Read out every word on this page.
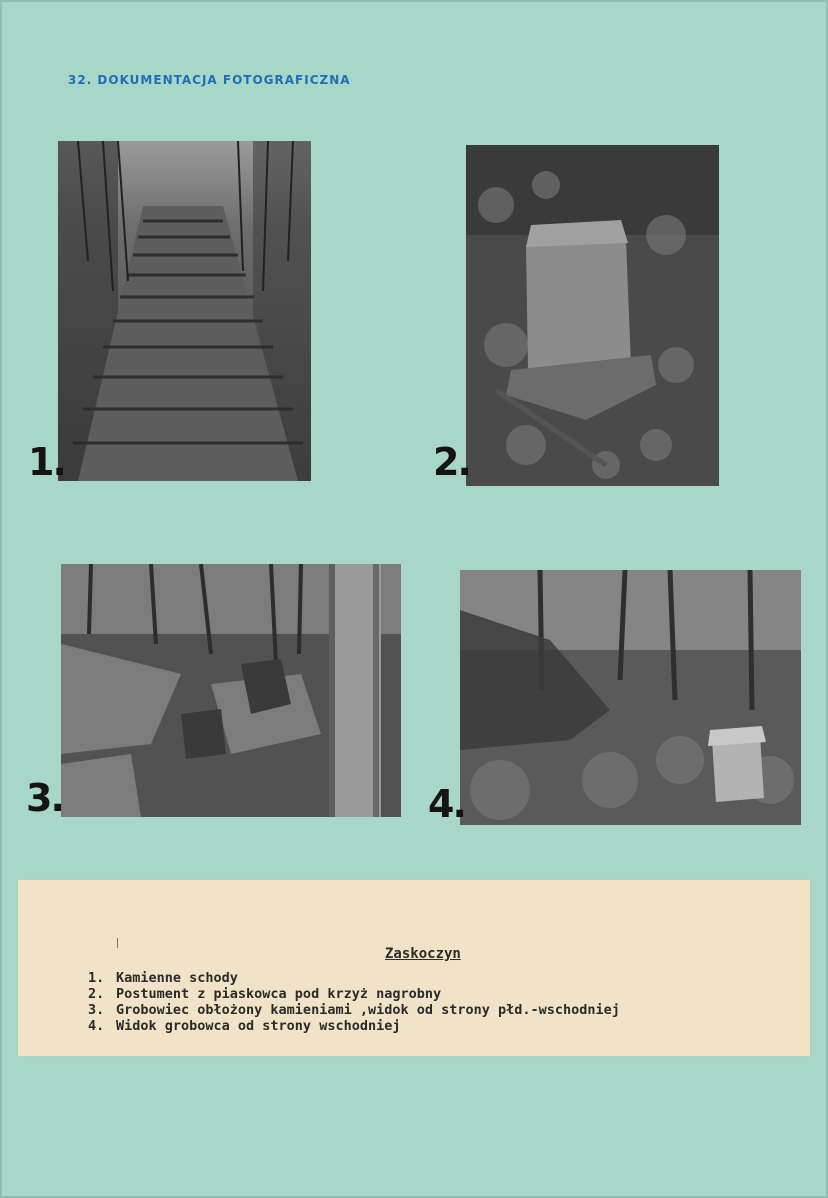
32. DOKUMENTACJA FOTOGRAFICZNA
1.	2.
3.	4.
Zaskoczyn
1. Kamienne schody
2. Postument z piaskowca pod krzyż nagrobny
3. Grobowiec obłożony kamieniami ,widok od strony płd.-wschodniej
4. Widok grobowca od strony wschodniej
